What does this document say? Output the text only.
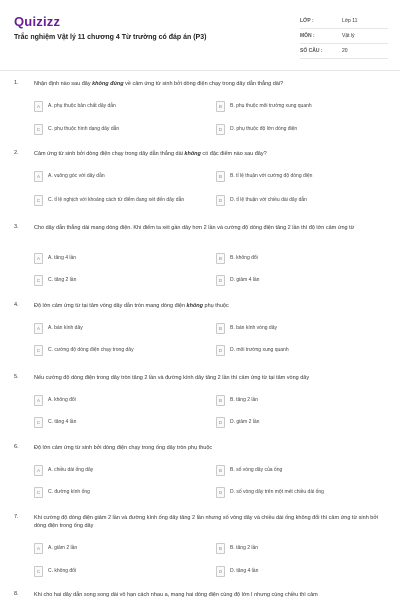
Quizizz
Trắc nghiệm Vật lý 11 chương 4 Từ trường có đáp án (P3)
LỚP :	Lớp 11
MÔN :	Vật lý
SỐ CÂU :	20
1.	Nhận định nào sau đây không đúng về cảm ứng từ sinh bởi dòng điện chạy trong dây dẫn thẳng dài?
A	A. phụ thuộc bản chất dây dẫn	B	B. phụ thuộc môi trường xung quanh
C	C. phụ thuộc hình dạng dây dẫn	D	D. phụ thuộc độ lớn dòng điện
2.	Cảm ứng từ sinh bởi dòng điện chạy trong dây dẫn thẳng dài không có đặc điểm nào sau đây?
A	A. vuông góc với dây dẫn	B	B. tỉ lệ thuận với cường độ dòng điện
C	C. tỉ lệ nghịch với khoảng cách từ điểm đang xét đến dây dẫn	D	D. tỉ lệ thuận với chiều dài dây dẫn
3.	Cho dây dẫn thẳng dài mang dòng điện. Khi điểm ta xét gần dây hơn 2 lần và cường độ dòng điện tăng 2 lần thì độ lớn cảm ứng từ
A	A. tăng 4 lần	B	B. không đổi
C	C. tăng 2 lần	D	D. giảm 4 lần
4.	Độ lớn cảm ứng từ tại tâm vòng dây dẫn tròn mang dòng điện không phụ thuộc
A	A. bán kính dây	B	B. bán kính vòng dây
C	C. cường độ dòng điện chạy trong dây	D	D. môi trường xung quanh
5.	Nếu cường độ dòng điện trong dây tròn tăng 2 lần và đường kính dây tăng 2 lần thì cảm ứng từ tại tâm vòng dây
A	A. không đổi	B	B. tăng 2 lần
C	C. tăng 4 lần	D	D. giảm 2 lần
6.	Độ lớn cảm ứng từ sinh bởi dòng điện chạy trong ống dây tròn phụ thuộc
A	A. chiều dài ống dây	B	B. số vòng dây của ống
C	C. đường kính ống	D	D. số vòng dây trên một mét chiều dài ống
7.	Khi cường độ dòng điện giảm 2 lần và đường kính ống dây tăng 2 lần nhưng số vòng dây và chiều dài ống không đổi thì cảm ứng từ sinh bởi dòng điện trong ống dây
A	A. giảm 2 lần	B	B. tăng 2 lần
C	C. không đổi	D	D. tăng 4 lần
8.	Khi cho hai dây dẫn song song dài vô hạn cách nhau a, mang hai dòng điện cùng độ lớn I nhưng cùng chiều thì cảm
